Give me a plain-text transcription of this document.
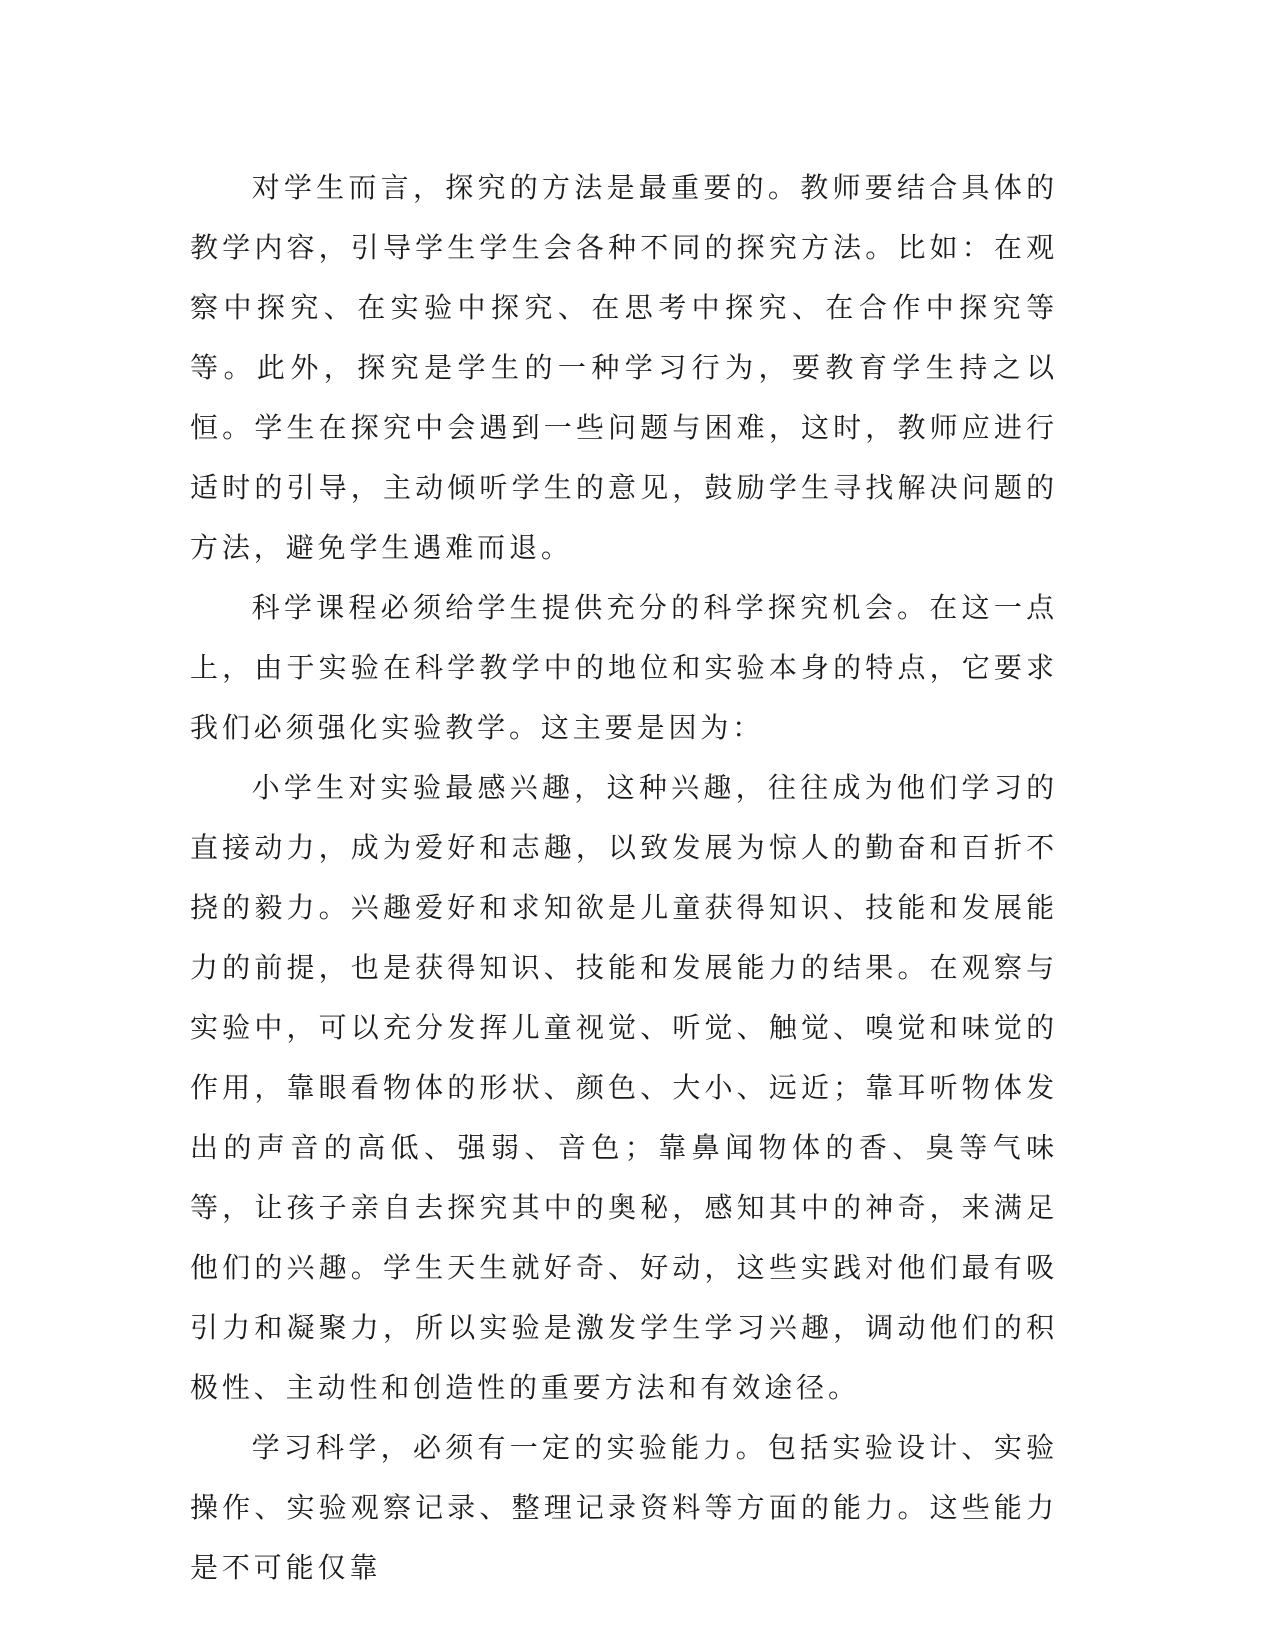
对学生而言，探究的方法是最重要的。教师要结合具体的教学内容，引导学生学生会各种不同的探究方法。比如：在观察中探究、在实验中探究、在思考中探究、在合作中探究等等。此外，探究是学生的一种学习行为，要教育学生持之以恒。学生在探究中会遇到一些问题与困难，这时，教师应进行适时的引导，主动倾听学生的意见，鼓励学生寻找解决问题的方法，避免学生遇难而退。

科学课程必须给学生提供充分的科学探究机会。在这一点上，由于实验在科学教学中的地位和实验本身的特点，它要求我们必须强化实验教学。这主要是因为：

小学生对实验最感兴趣，这种兴趣，往往成为他们学习的直接动力，成为爱好和志趣，以致发展为惊人的勤奋和百折不挠的毅力。兴趣爱好和求知欲是儿童获得知识、技能和发展能力的前提，也是获得知识、技能和发展能力的结果。在观察与实验中，可以充分发挥儿童视觉、听觉、触觉、嗅觉和味觉的作用，靠眼看物体的形状、颜色、大小、远近；靠耳听物体发出的声音的高低、强弱、音色；靠鼻闻物体的香、臭等气味等，让孩子亲自去探究其中的奥秘，感知其中的神奇，来满足他们的兴趣。学生天生就好奇、好动，这些实践对他们最有吸引力和凝聚力，所以实验是激发学生学习兴趣，调动他们的积极性、主动性和创造性的重要方法和有效途径。

学习科学，必须有一定的实验能力。包括实验设计、实验操作、实验观察记录、整理记录资料等方面的能力。这些能力是不可能仅靠
